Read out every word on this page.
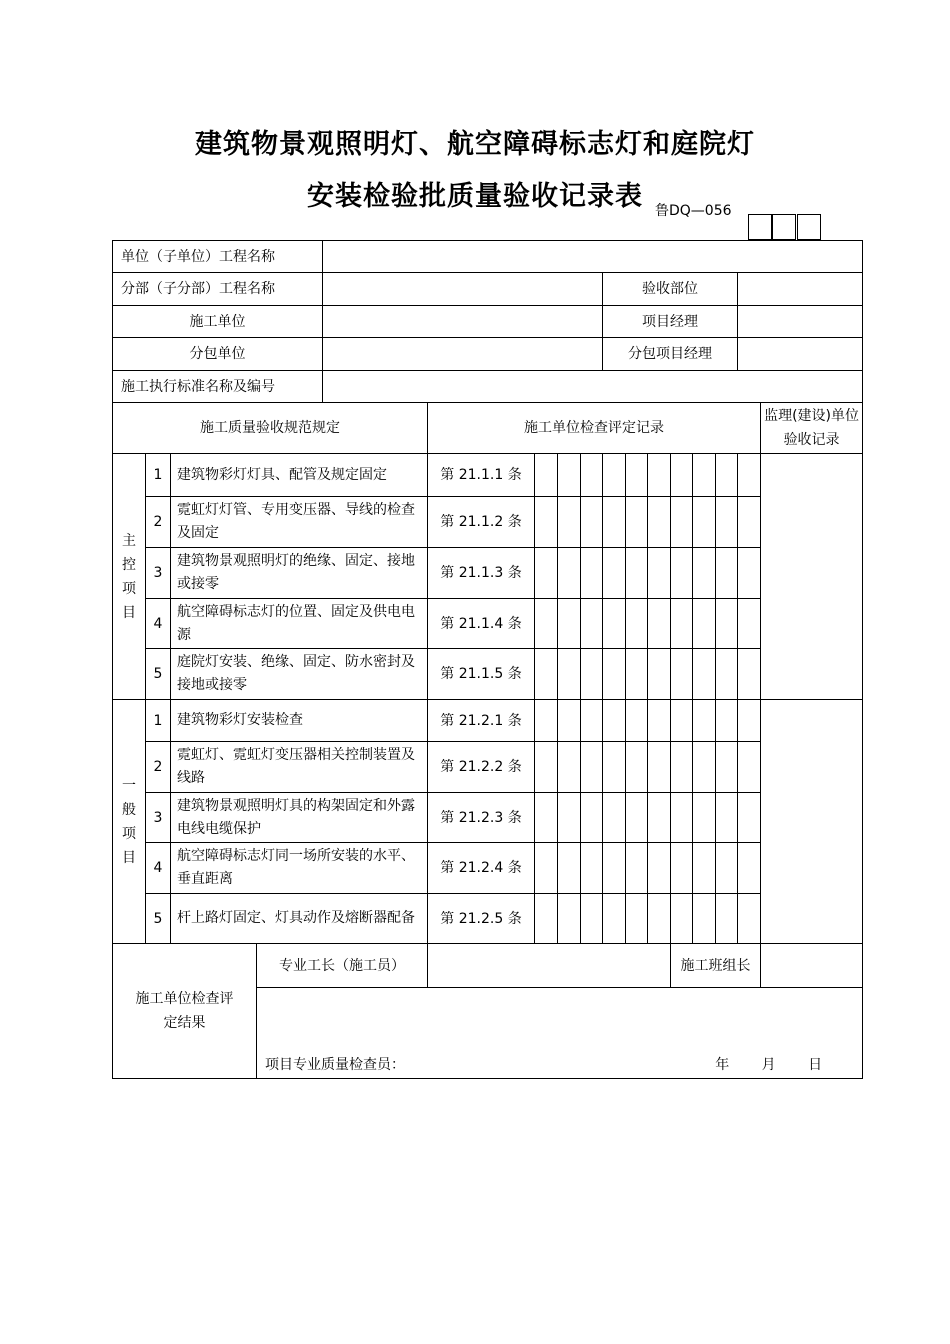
建筑物景观照明灯、航空障碍标志灯和庭院灯
安装检验批质量验收记录表 鲁DQ—056
单位（子单位）工程名称																
分部（子分部）工程名称									验收部位							
施工单位									项目经理							
分包单位									分包项目经理							
施工执行标准名称及编号																
施工质量验收规范规定					施工单位检查评定记录											监理(建设)单位验收记录

主
控
项
目	1	建筑物彩灯灯具、配管及规定固定			第 21.1.1 条											
	2	霓虹灯灯管、专用变压器、导线的检查及固定			第 21.1.2 条											
	3	建筑物景观照明灯的绝缘、固定、接地或接零			第 21.1.3 条											
	4	航空障碍标志灯的位置、固定及供电电源			第 21.1.4 条											
	5	庭院灯安装、绝缘、固定、防水密封及接地或接零			第 21.1.5 条											

一
般
项
目	1	建筑物彩灯安装检查			第 21.2.1 条											
	2	霓虹灯、霓虹灯变压器相关控制装置及线路			第 21.2.2 条											
	3	建筑物景观照明灯具的构架固定和外露电线电缆保护			第 21.2.3 条											
	4	航空障碍标志灯同一场所安装的水平、垂直距离			第 21.2.4 条											
	5	杆上路灯固定、灯具动作及熔断器配备			第 21.2.5 条											
施工单位检查评定结果			专业工长（施工员）									施工班组长				

			项目专业质量检查员： 年 月 日													
